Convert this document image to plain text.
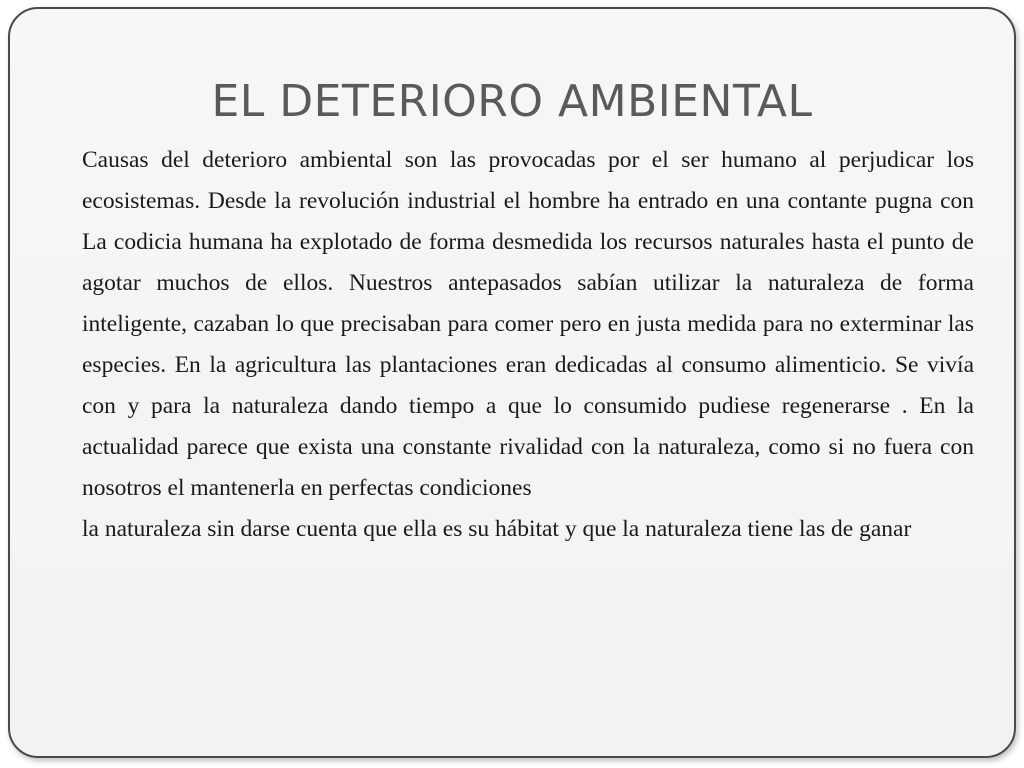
EL DETERIORO AMBIENTAL

Causas del deterioro ambiental son las provocadas por el ser humano al perjudicar los ecosistemas. Desde la revolución industrial el hombre ha entrado en una contante pugna con La codicia humana ha explotado de forma desmedida los recursos naturales hasta el punto de agotar muchos de ellos. Nuestros antepasados sabían utilizar la naturaleza de forma inteligente, cazaban lo que precisaban para comer pero en justa medida para no exterminar las especies. En la agricultura las plantaciones eran dedicadas al consumo alimenticio. Se vivía con y para la naturaleza dando tiempo a que lo consumido pudiese regenerarse . En la actualidad parece que exista una constante rivalidad con la naturaleza, como si no fuera con nosotros el mantenerla en perfectas condiciones

la naturaleza sin darse cuenta que ella es su hábitat y que la naturaleza tiene las de ganar
